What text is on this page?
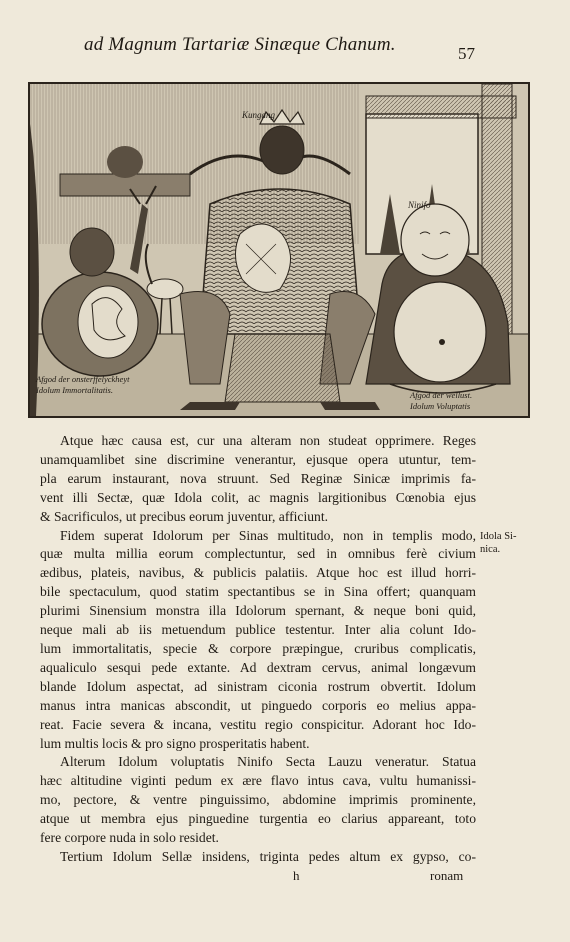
ad Magnum Tartariæ Sinæque Chanum.	57
Kungang
Ninifo
Afgod der onsterffelyckheyt
Idolum Immortalitatis.	Afgod der wellust.
Idolum Voluptatis
Atque hæc causa est, cur una alteram non studeat opprimere. Reges
unamquamlibet sine discrimine venerantur, ejusque opera utuntur, tem-
pla earum instaurant, nova struunt. Sed Reginæ Sinicæ imprimis fa-
vent illi Sectæ, quæ Idola colit, ac magnis largitionibus Cœnobia ejus
& Sacrificulos, ut precibus eorum juventur, afficiunt.
Fidem superat Idolorum per Sinas multitudo, non in templis modo,
quæ multa millia eorum complectuntur, sed in omnibus ferè civium
ædibus, plateis, navibus, & publicis palatiis. Atque hoc est illud horri-
bile spectaculum, quod statim spectantibus se in Sina offert; quanquam
plurimi Sinensium monstra illa Idolorum spernant, & neque boni quid,
neque mali ab iis metuendum publice testentur. Inter alia colunt Ido-
lum immortalitatis, specie & corpore præpingue, cruribus complicatis,
aqualiculo sesqui pede extante. Ad dextram cervus, animal longævum
blande Idolum aspectat, ad sinistram ciconia rostrum obvertit. Idolum
manus intra manicas abscondit, ut pinguedo corporis eo melius appa-
reat. Facie severa & incana, vestitu regio conspicitur. Adorant hoc Ido-
lum multis locis & pro signo prosperitatis habent.
Alterum Idolum voluptatis Ninifo Secta Lauzu veneratur. Statua
hæc altitudine viginti pedum ex ære flavo intus cava, vultu humanissi-
mo, pectore, & ventre pinguissimo, abdomine imprimis prominente,
atque ut membra ejus pinguedine turgentia eo clarius appareant, toto
fere corpore nuda in solo residet.
Tertium Idolum Sellæ insidens, triginta pedes altum ex gypso, co-
Idola Si-
nica.
h	ronam
